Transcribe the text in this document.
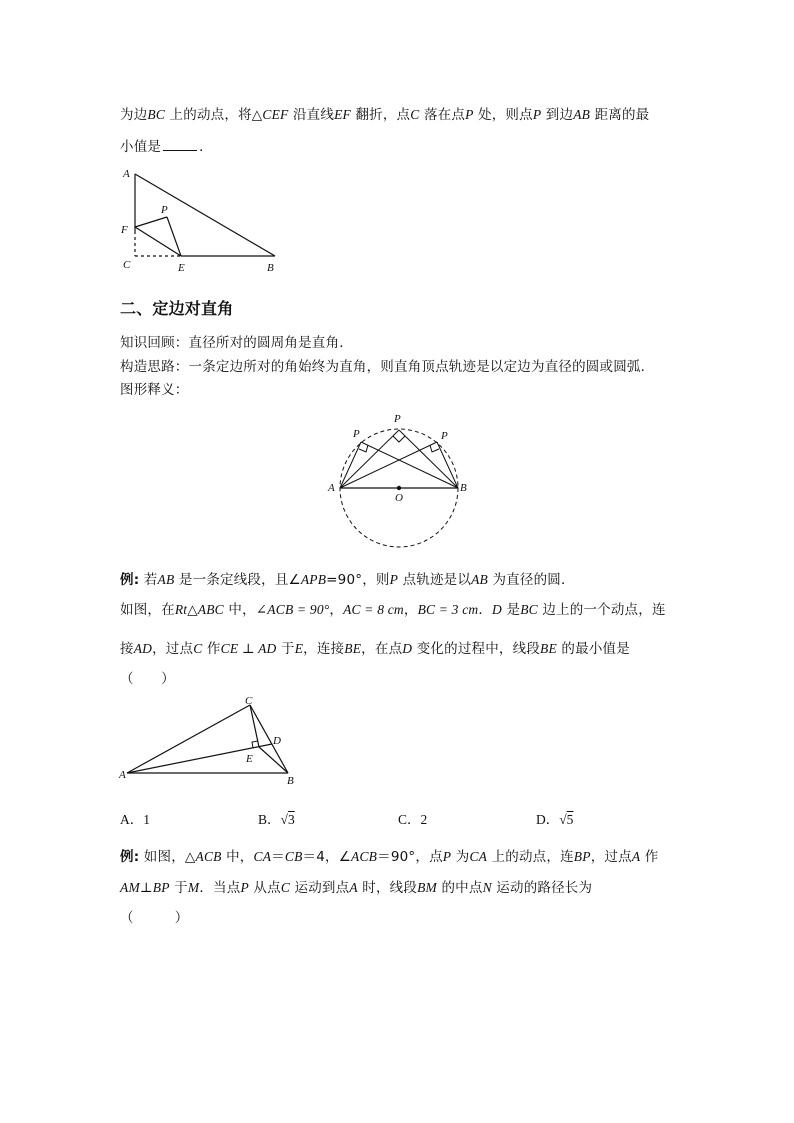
为边BC 上的动点，将△CEF 沿直线EF 翻折，点C 落在点P 处，则点P 到边AB 距离的最
小值是	．
A
F
C	E	B
P
二、定边对直角
知识回顾：直径所对的圆周角是直角．
构造思路：一条定边所对的角始终为直角，则直角顶点轨迹是以定边为直径的圆或圆弧．
图形释义：
P
P	P
A	B
O
例: 若AB 是一条定线段，且∠APB=90°，则P 点轨迹是以AB 为直径的圆．
如图，在Rt△ABC 中，∠ACB = 90°，AC = 8 cm，BC = 3 cm．D 是BC 边上的一个动点，连
接AD，过点C 作CE ⊥ AD 于E，连接BE，在点D 变化的过程中，线段BE 的最小值是
（　　）
C
D
E
A	B
A．1	B．√3	C．2	D．√5
例: 如图，△ACB 中，CA＝CB＝4，∠ACB＝90°，点P 为CA 上的动点，连BP，过点A 作
AM⊥BP 于M．当点P 从点C 运动到点A 时，线段BM 的中点N 运动的路径长为
（　　　）
